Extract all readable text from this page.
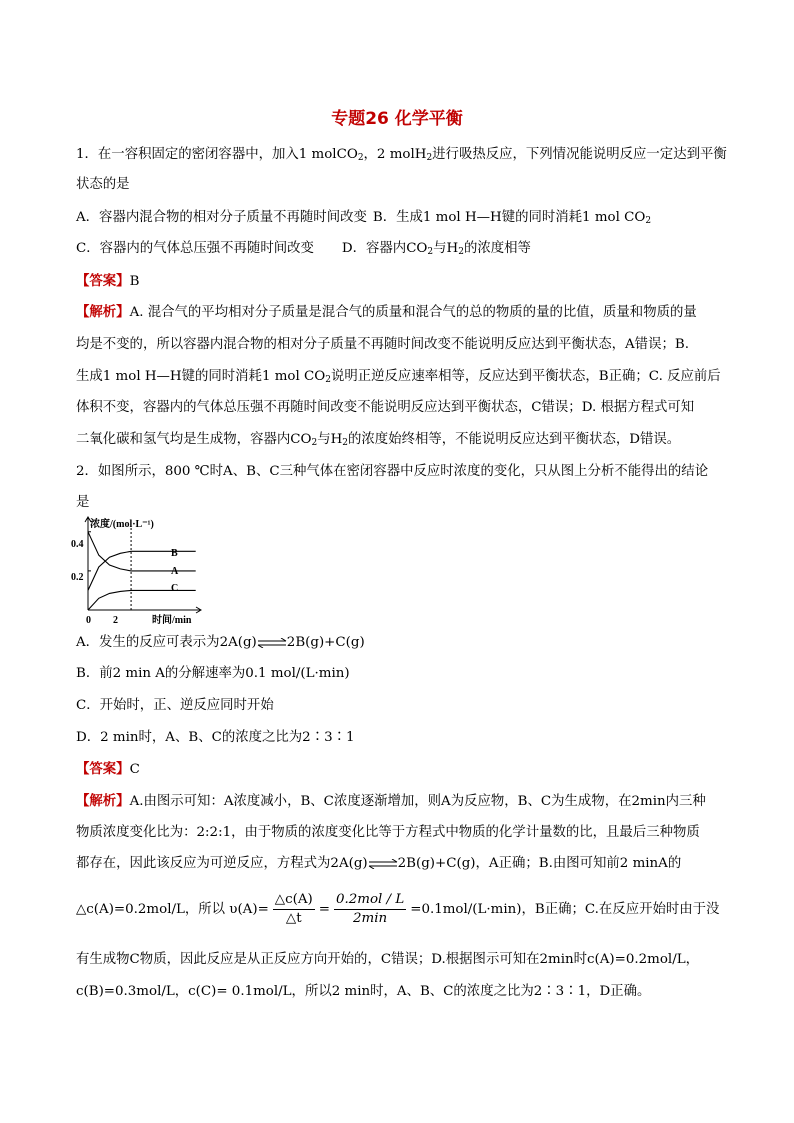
专题26 化学平衡
1．在一容积固定的密闭容器中，加入1 molCO$_2$，2 molH$_2$进行吸热反应，下列情况能说明反应一定达到平衡
状态的是
A．容器内混合物的相对分子质量不再随时间改变 B．生成1 mol H—H键的同时消耗1 mol $CO_2$
C．容器内的气体总压强不再随时间改变 D．容器内$CO_2$与$H_2$的浓度相等
【答案】B
【解析】A. 混合气的平均相对分子质量是混合气的质量和混合气的总的物质的量的比值，质量和物质的量
均是不变的，所以容器内混合物的相对分子质量不再随时间改变不能说明反应达到平衡状态，A错误；B.
生成1 mol H—H键的同时消耗1 mol $CO_2$说明正逆反应速率相等，反应达到平衡状态，B正确；C. 反应前后
体积不变，容器内的气体总压强不再随时间改变不能说明反应达到平衡状态，C错误；D. 根据方程式可知
二氧化碳和氢气均是生成物，容器内$CO_2$与$H_2$的浓度始终相等，不能说明反应达到平衡状态，D错误。
2．如图所示，800 ℃时A、B、C三种气体在密闭容器中反应时浓度的变化，只从图上分析不能得出的结论
是
浓度/(mol·L⁻¹)
时间/min
0 2
0.2
0.4
B
A
C
A．发生的反应可表示为2A(g)⇌2B(g)+C(g)
B．前2 min A的分解速率为0.1 mol/(L·min)
C．开始时，正、逆反应同时开始
D．2 min时，A、B、C的浓度之比为2∶3∶1
【答案】C
【解析】A.由图示可知：A浓度减小，B、C浓度逐渐增加，则A为反应物，B、C为生成物，在2min内三种
物质浓度变化比为：2:2:1，由于物质的浓度变化比等于方程式中物质的化学计量数的比，且最后三种物质
都存在，因此该反应为可逆反应，方程式为2A(g)⇌2B(g)+C(g)，A正确；B.由图可知前2 minA的
△c(A)=0.2mol/L，所以 $\upsilon(A)= \frac{\triangle c(A)}{\triangle t} = \frac{\text{0.2mol / L}}{2\min} =0.1mol/(L\cdot\min)$，B正确；C.在反应开始时由于没
有生成物C物质，因此反应是从正反应方向开始的，C错误；D.根据图示可知在2min时c(A)=0.2mol/L，
c(B)=0.3mol/L，c(C)= 0.1mol/L，所以2 min时，A、B、C的浓度之比为2∶3∶1，D正确。
